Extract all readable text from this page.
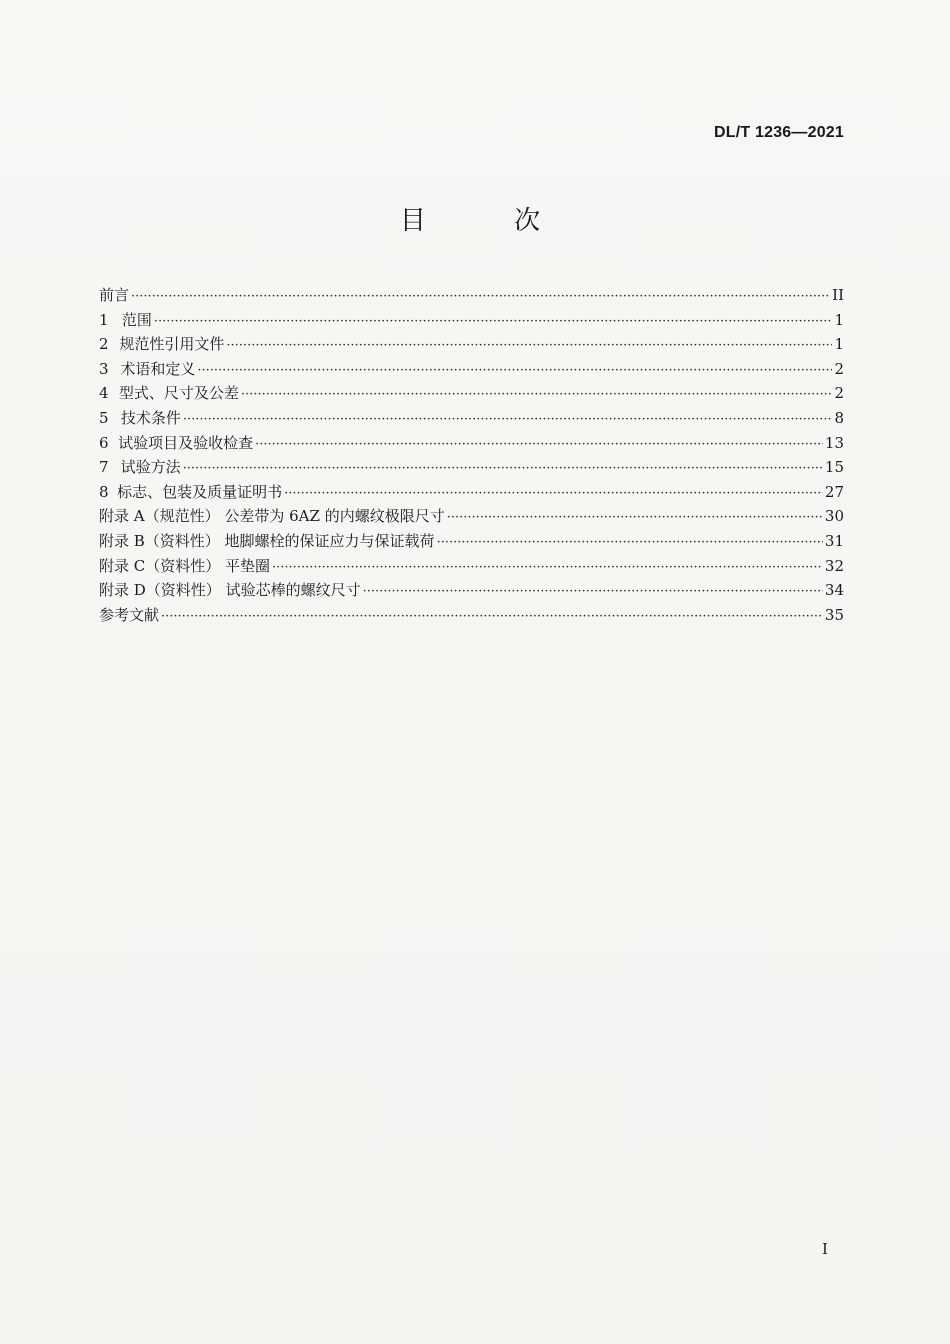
DL/T 1236—2021
目 次
前言 ·····	II
1 范围 ·····	1
2 规范性引用文件 ·····	1
3 术语和定义 ·····	2
4 型式、尺寸及公差 ·····	2
5 技术条件 ·····	8
6 试验项目及验收检查 ·····	13
7 试验方法 ·····	15
8 标志、包装及质量证明书 ·····	27
附录 A（规范性） 公差带为 6AZ 的内螺纹极限尺寸 ·····	30
附录 B（资料性） 地脚螺栓的保证应力与保证载荷 ·····	31
附录 C（资料性） 平垫圈 ·····	32
附录 D（资料性） 试验芯棒的螺纹尺寸 ·····	34
参考文献 ·····	35
I
